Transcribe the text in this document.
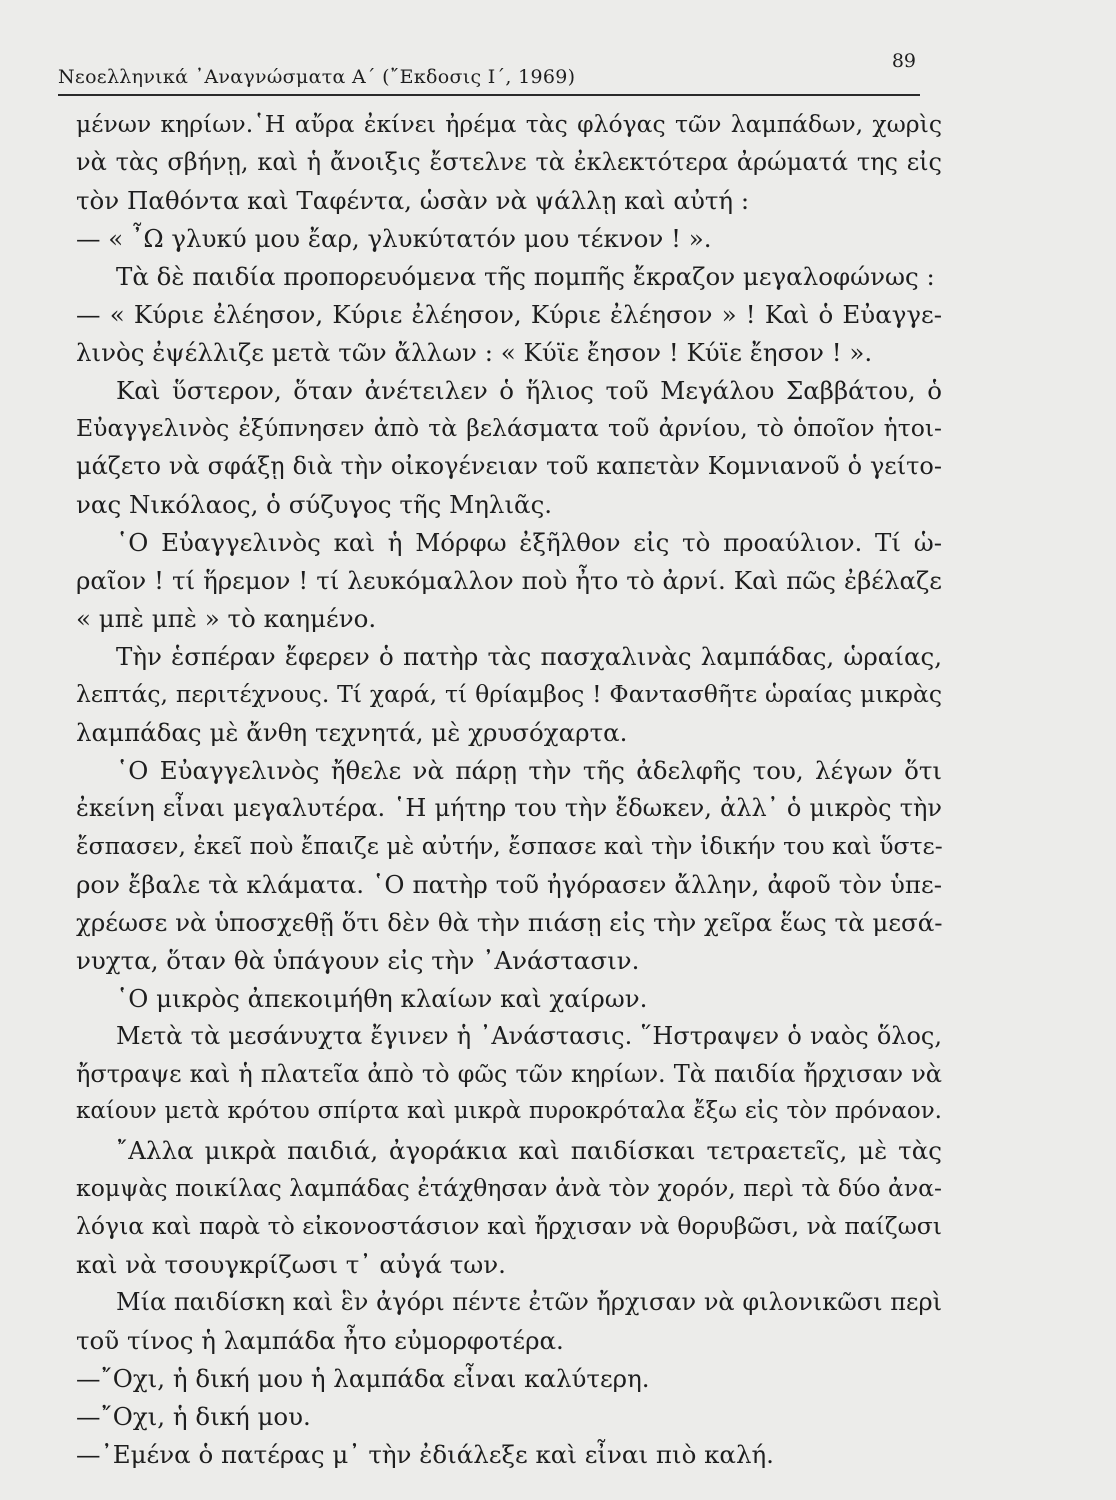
Νεοελληνικά ᾿Αναγνώσματα Α΄ (῎Εκδοσις Ι΄, 1969)
89
μένων κηρίων.῾Η αὔρα ἐκίνει ἠρέμα τὰς φλόγας τῶν λαμπάδων, χωρὶς
νὰ τὰς σβήνῃ, καὶ ἡ ἄνοιξις ἔστελνε τὰ ἐκλεκτότερα ἀρώματά της εἰς
τὸν Παθόντα καὶ Ταφέντα, ὡσὰν νὰ ψάλλῃ καὶ αὐτή :
— « ῏Ω γλυκύ μου ἔαρ, γλυκύτατόν μου τέκνον ! ».
Τὰ δὲ παιδία προπορευόμενα τῆς πομπῆς ἔκραζον μεγαλοφώνως :
— « Κύριε ἐλέησον, Κύριε ἐλέησον, Κύριε ἐλέησον » ! Καὶ ὁ Εὐαγγε-
λινὸς ἐψέλλιζε μετὰ τῶν ἄλλων : « Κύϊε ἔησον ! Κύϊε ἔησον ! ».
Καὶ ὕστερον, ὅταν ἀνέτειλεν ὁ ἥλιος τοῦ Μεγάλου Σαββάτου, ὁ
Εὐαγγελινὸς ἐξύπνησεν ἀπὸ τὰ βελάσματα τοῦ ἀρνίου, τὸ ὁποῖον ἡτοι-
μάζετο νὰ σφάξῃ διὰ τὴν οἰκογένειαν τοῦ καπετὰν Κομνιανοῦ ὁ γείτο-
νας Νικόλαος, ὁ σύζυγος τῆς Μηλιᾶς.
῾Ο Εὐαγγελινὸς καὶ ἡ Μόρφω ἐξῆλθον εἰς τὸ προαύλιον. Τί ὡ-
ραῖον ! τί ἥρεμον ! τί λευκόμαλλον ποὺ ἦτο τὸ ἀρνί. Καὶ πῶς ἐβέλαζε
« μπὲ μπὲ » τὸ καημένο.
Τὴν ἑσπέραν ἔφερεν ὁ πατὴρ τὰς πασχαλινὰς λαμπάδας, ὡραίας,
λεπτάς, περιτέχνους. Τί χαρά, τί θρίαμβος ! Φαντασθῆτε ὡραίας μικρὰς
λαμπάδας μὲ ἄνθη τεχνητά, μὲ χρυσόχαρτα.
῾Ο Εὐαγγελινὸς ἤθελε νὰ πάρῃ τὴν τῆς ἀδελφῆς του, λέγων ὅτι
ἐκείνη εἶναι μεγαλυτέρα. ῾Η μήτηρ του τὴν ἔδωκεν, ἀλλ᾿ ὁ μικρὸς τὴν
ἔσπασεν, ἐκεῖ ποὺ ἔπαιζε μὲ αὐτήν, ἔσπασε καὶ τὴν ἰδικήν του καὶ ὕστε-
ρον ἔβαλε τὰ κλάματα. ῾Ο πατὴρ τοῦ ἠγόρασεν ἄλλην, ἀφοῦ τὸν ὑπε-
χρέωσε νὰ ὑποσχεθῇ ὅτι δὲν θὰ τὴν πιάσῃ εἰς τὴν χεῖρα ἕως τὰ μεσά-
νυχτα, ὅταν θὰ ὑπάγουν εἰς τὴν ᾿Ανάστασιν.
῾Ο μικρὸς ἀπεκοιμήθη κλαίων καὶ χαίρων.
Μετὰ τὰ μεσάνυχτα ἔγινεν ἡ ᾿Ανάστασις. ῞Ηστραψεν ὁ ναὸς ὅλος,
ἤστραψε καὶ ἡ πλατεῖα ἀπὸ τὸ φῶς τῶν κηρίων. Τὰ παιδία ἤρχισαν νὰ
καίουν μετὰ κρότου σπίρτα καὶ μικρὰ πυροκρόταλα ἔξω εἰς τὸν πρόναον.
῎Αλλα μικρὰ παιδιά, ἀγοράκια καὶ παιδίσκαι τετραετεῖς, μὲ τὰς
κομψὰς ποικίλας λαμπάδας ἐτάχθησαν ἀνὰ τὸν χορόν, περὶ τὰ δύο ἀνα-
λόγια καὶ παρὰ τὸ εἰκονοστάσιον καὶ ἤρχισαν νὰ θορυβῶσι, νὰ παίζωσι
καὶ νὰ τσουγκρίζωσι τ᾿ αὐγά των.
Μία παιδίσκη καὶ ἓν ἀγόρι πέντε ἐτῶν ἤρχισαν νὰ φιλονικῶσι περὶ
τοῦ τίνος ἡ λαμπάδα ἦτο εὐμορφοτέρα.
—῎Οχι, ἡ δική μου ἡ λαμπάδα εἶναι καλύτερη.
—῎Οχι, ἡ δική μου.
—᾿Εμένα ὁ πατέρας μ᾿ τὴν ἐδιάλεξε καὶ εἶναι πιὸ καλή.
